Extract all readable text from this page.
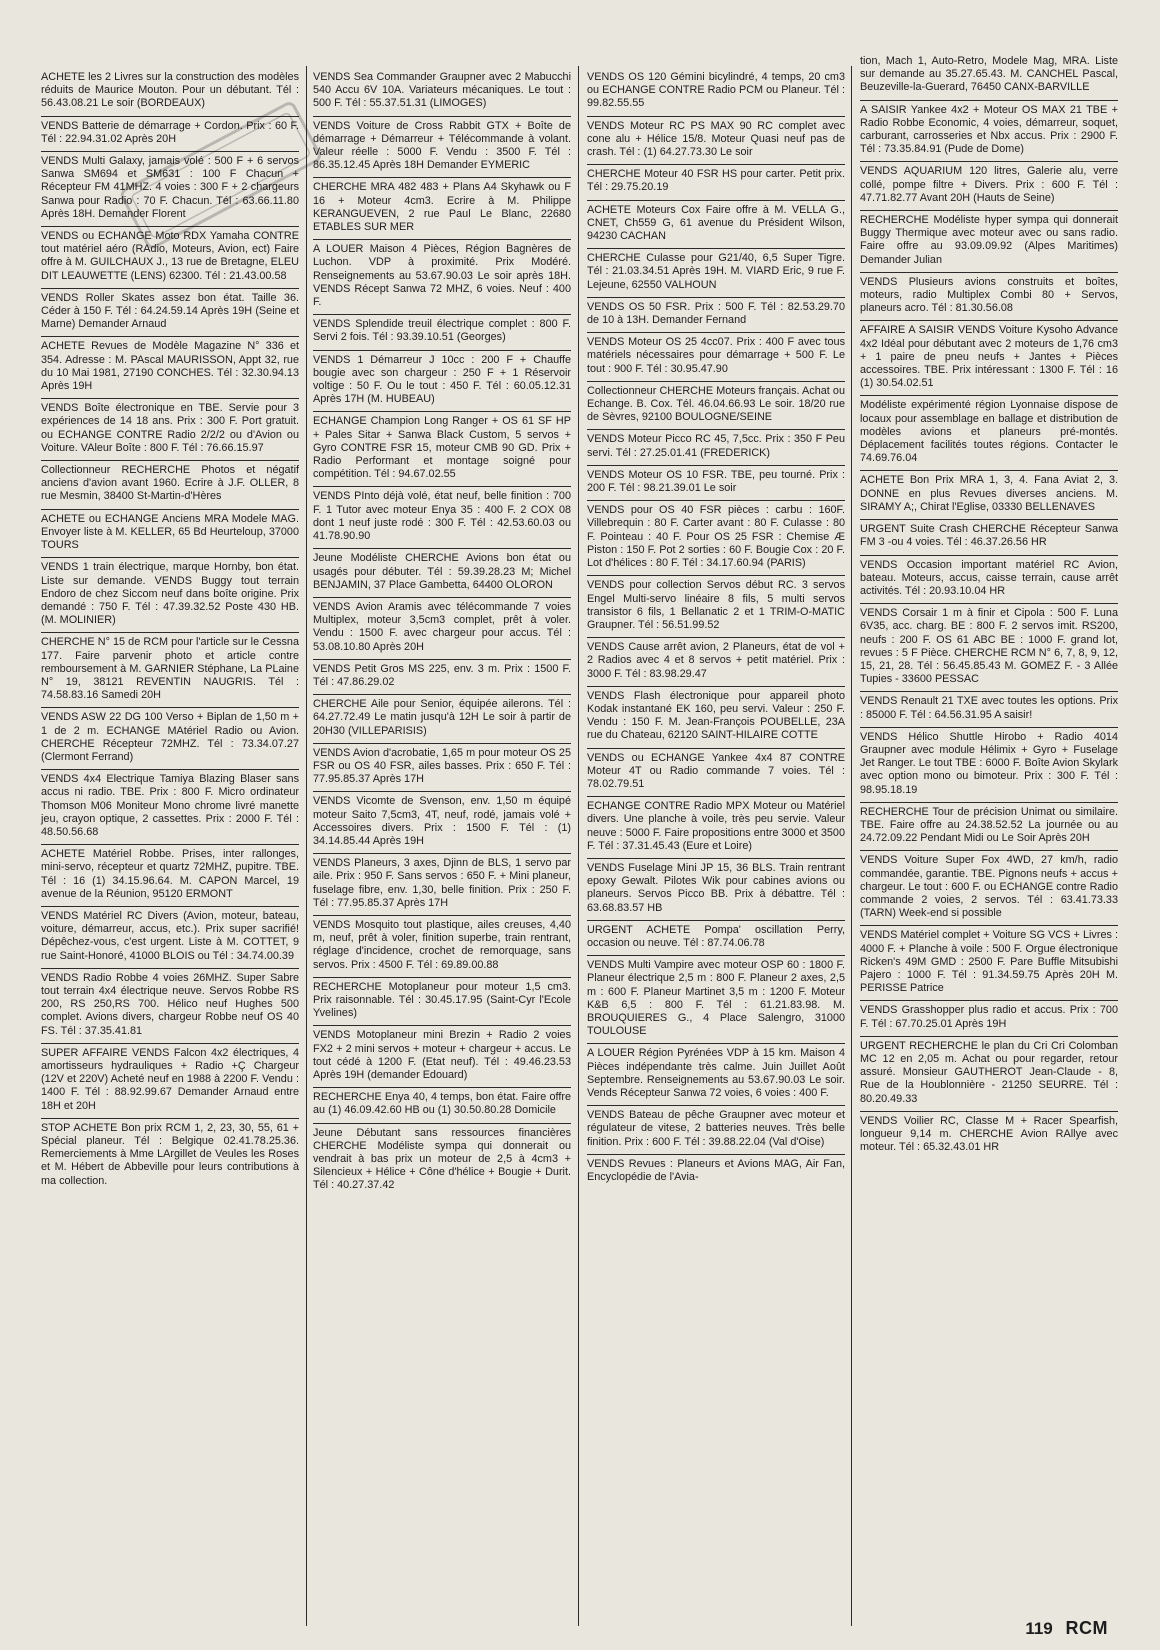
ACHETE les 2 Livres sur la construction des modèles réduits de Maurice Mouton. Pour un débutant. Tél : 56.43.08.21 Le soir (BORDEAUX)

VENDS Batterie de démarrage + Cordon. Prix : 60 F. Tél : 22.94.31.02 Après 20H

VENDS Multi Galaxy, jamais volé : 500 F + 6 servos Sanwa SM694 et SM631 : 100 F Chacun + Récepteur FM 41MHZ. 4 voies : 300 F + 2 chargeurs Sanwa pour Radio : 70 F. Chacun. Tél : 63.66.11.80 Après 18H. Demander Florent

VENDS ou ECHANGE Moto RDX Yamaha CONTRE tout matériel aéro (RAdio, Moteurs, Avion, ect) Faire offre à M. GUILCHAUX J., 13 rue de Bretagne, ELEU DIT LEAUWETTE (LENS) 62300. Tél : 21.43.00.58

VENDS Roller Skates assez bon état. Taille 36. Céder à 150 F. Tél : 64.24.59.14 Après 19H (Seine et Marne) Demander Arnaud

ACHETE Revues de Modèle Magazine N° 336 et 354. Adresse : M. PAscal MAURISSON, Appt 32, rue du 10 Mai 1981, 27190 CONCHES. Tél : 32.30.94.13 Après 19H

VENDS Boîte électronique en TBE. Servie pour 3 expériences de 14 18 ans. Prix : 300 F. Port gratuit. ou ECHANGE CONTRE Radio 2/2/2 ou d'Avion ou Voiture. VAleur Boîte : 800 F. Tél : 76.66.15.97

Collectionneur RECHERCHE Photos et négatif anciens d'avion avant 1960. Ecrire à J.F. OLLER, 8 rue Mesmin, 38400 St-Martin-d'Hères

ACHETE ou ECHANGE Anciens MRA Modele MAG. Envoyer liste à M. KELLER, 65 Bd Heurteloup, 37000 TOURS

VENDS 1 train électrique, marque Hornby, bon état. Liste sur demande. VENDS Buggy tout terrain Endoro de chez Siccom neuf dans boîte origine. Prix demandé : 750 F. Tél : 47.39.32.52 Poste 430 HB. (M. MOLINIER)

CHERCHE N° 15 de RCM pour l'article sur le Cessna 177. Faire parvenir photo et article contre remboursement à M. GARNIER Stéphane, La PLaine N° 19, 38121 REVENTIN NAUGRIS. Tél : 74.58.83.16 Samedi 20H

VENDS ASW 22 DG 100 Verso + Biplan de 1,50 m + 1 de 2 m. ECHANGE MAtériel Radio ou Avion. CHERCHE Récepteur 72MHZ. Tél : 73.34.07.27 (Clermont Ferrand)

VENDS 4x4 Electrique Tamiya Blazing Blaser sans accus ni radio. TBE. Prix : 800 F. Micro ordinateur Thomson M06 Moniteur Mono chrome livré manette jeu, crayon optique, 2 cassettes. Prix : 2000 F. Tél : 48.50.56.68

ACHETE Matériel Robbe. Prises, inter rallonges, mini-servo, récepteur et quartz 72MHZ, pupitre. TBE. Tél : 16 (1) 34.15.96.64. M. CAPON Marcel, 19 avenue de la Réunion, 95120 ERMONT

VENDS Matériel RC Divers (Avion, moteur, bateau, voiture, démarreur, accus, etc.). Prix super sacrifié! Dépêchez-vous, c'est urgent. Liste à M. COTTET, 9 rue Saint-Honoré, 41000 BLOIS ou Tél : 34.74.00.39

VENDS Radio Robbe 4 voies 26MHZ. Super Sabre tout terrain 4x4 électrique neuve. Servos Robbe RS 200, RS 250,RS 700. Hélico neuf Hughes 500 complet. Avions divers, chargeur Robbe neuf OS 40 FS. Tél : 37.35.41.81

SUPER AFFAIRE VENDS Falcon 4x2 électriques, 4 amortisseurs hydrauliques + Radio +Ç Chargeur (12V et 220V) Acheté neuf en 1988 à 2200 F. Vendu : 1400 F. Tél : 88.92.99.67 Demander Arnaud entre 18H et 20H

STOP ACHETE Bon prix RCM 1, 2, 23, 30, 55, 61 + Spécial planeur. Tél : Belgique 02.41.78.25.36. Remerciements à Mme LArgillet de Veules les Roses et M. Hébert de Abbeville pour leurs contributions à ma collection.

VENDS Sea Commander Graupner avec 2 Mabucchi 540 Accu 6V 10A. Variateurs mécaniques. Le tout : 500 F. Tél : 55.37.51.31 (LIMOGES)

VENDS Voiture de Cross Rabbit GTX + Boîte de démarrage + Démarreur + Télécommande à volant. Valeur réelle : 5000 F. Vendu : 3500 F. Tél : 86.35.12.45 Après 18H Demander EYMERIC

CHERCHE MRA 482 483 + Plans A4 Skyhawk ou F 16 + Moteur 4cm3. Ecrire à M. Philippe KERANGUEVEN, 2 rue Paul Le Blanc, 22680 ETABLES SUR MER

A LOUER Maison 4 Pièces, Région Bagnères de Luchon. VDP à proximité. Prix Modéré. Renseignements au 53.67.90.03 Le soir après 18H. VENDS Récept Sanwa 72 MHZ, 6 voies. Neuf : 400 F.

VENDS Splendide treuil électrique complet : 800 F. Servi 2 fois. Tél : 93.39.10.51 (Georges)

VENDS 1 Démarreur J 10cc : 200 F + Chauffe bougie avec son chargeur : 250 F + 1 Réservoir voltige : 50 F. Ou le tout : 450 F. Tél : 60.05.12.31 Après 17H (M. HUBEAU)

ECHANGE Champion Long Ranger + OS 61 SF HP + Pales Sitar + Sanwa Black Custom, 5 servos + Gyro CONTRE FSR 15, moteur CMB 90 GD. Prix + Radio Performant et montage soigné pour compétition. Tél : 94.67.02.55

VENDS PInto déjà volé, état neuf, belle finition : 700 F. 1 Tutor avec moteur Enya 35 : 400 F. 2 COX 08 dont 1 neuf juste rodé : 300 F. Tél : 42.53.60.03 ou 41.78.90.90

Jeune Modéliste CHERCHE Avions bon état ou usagés pour débuter. Tél : 59.39.28.23 M; Michel BENJAMIN, 37 Place Gambetta, 64400 OLORON

VENDS Avion Aramis avec télécommande 7 voies Multiplex, moteur 3,5cm3 complet, prêt à voler. Vendu : 1500 F. avec chargeur pour accus. Tél : 53.08.10.80 Après 20H

VENDS Petit Gros MS 225, env. 3 m. Prix : 1500 F. Tél : 47.86.29.02

CHERCHE Aile pour Senior, équipée ailerons. Tél : 64.27.72.49 Le matin jusqu'à 12H Le soir à partir de 20H30 (VILLEPARISIS)

VENDS Avion d'acrobatie, 1,65 m pour moteur OS 25 FSR ou OS 40 FSR, ailes basses. Prix : 650 F. Tél : 77.95.85.37 Après 17H

VENDS Vicomte de Svenson, env. 1,50 m équipé moteur Saito 7,5cm3, 4T, neuf, rodé, jamais volé + Accessoires divers. Prix : 1500 F. Tél : (1) 34.14.85.44 Après 19H

VENDS Planeurs, 3 axes, Djinn de BLS, 1 servo par aile. Prix : 950 F. Sans servos : 650 F. + Mini planeur, fuselage fibre, env. 1,30, belle finition. Prix : 250 F. Tél : 77.95.85.37 Après 17H

VENDS Mosquito tout plastique, ailes creuses, 4,40 m, neuf, prêt à voler, finition superbe, train rentrant, réglage d'incidence, crochet de remorquage, sans servos. Prix : 4500 F. Tél : 69.89.00.88

RECHERCHE Motoplaneur pour moteur 1,5 cm3. Prix raisonnable. Tél : 30.45.17.95 (Saint-Cyr l'Ecole Yvelines)

VENDS Motoplaneur mini Brezin + Radio 2 voies FX2 + 2 mini servos + moteur + chargeur + accus. Le tout cédé à 1200 F. (Etat neuf). Tél : 49.46.23.53 Après 19H (demander Edouard)

RECHERCHE Enya 40, 4 temps, bon état. Faire offre au (1) 46.09.42.60 HB ou (1) 30.50.80.28 Domicile

Jeune Débutant sans ressources financières CHERCHE Modéliste sympa qui donnerait ou vendrait à bas prix un moteur de 2,5 à 4cm3 + Silencieux + Hélice + Cône d'hélice + Bougie + Durit. Tél : 40.27.37.42

VENDS OS 120 Gémini bicylindré, 4 temps, 20 cm3 ou ECHANGE CONTRE Radio PCM ou Planeur. Tél : 99.82.55.55

VENDS Moteur RC PS MAX 90 RC complet avec cone alu + Hélice 15/8. Moteur Quasi neuf pas de crash. Tél : (1) 64.27.73.30 Le soir

CHERCHE Moteur 40 FSR HS pour carter. Petit prix. Tél : 29.75.20.19

ACHETE Moteurs Cox Faire offre à M. VELLA G., CNET, Ch559 G, 61 avenue du Président Wilson, 94230 CACHAN

CHERCHE Culasse pour G21/40, 6,5 Super Tigre. Tél : 21.03.34.51 Après 19H. M. VIARD Eric, 9 rue F. Lejeune, 62550 VALHOUN

VENDS OS 50 FSR. Prix : 500 F. Tél : 82.53.29.70 de 10 à 13H. Demander Fernand

VENDS Moteur OS 25 4cc07. Prix : 400 F avec tous matériels nécessaires pour démarrage + 500 F. Le tout : 900 F. Tél : 30.95.47.90

Collectionneur CHERCHE Moteurs français. Achat ou Echange. B. Cox. Tél. 46.04.66.93 Le soir. 18/20 rue de Sèvres, 92100 BOULOGNE/SEINE

VENDS Moteur Picco RC 45, 7,5cc. Prix : 350 F Peu servi. Tél : 27.25.01.41 (FREDERICK)

VENDS Moteur OS 10 FSR. TBE, peu tourné. Prix : 200 F. Tél : 98.21.39.01 Le soir

VENDS pour OS 40 FSR pièces : carbu : 160F. Villebrequin : 80 F. Carter avant : 80 F. Culasse : 80 F. Pointeau : 40 F. Pour OS 25 FSR : Chemise Æ Piston : 150 F. Pot 2 sorties : 60 F. Bougie Cox : 20 F. Lot d'hélices : 80 F. Tél : 34.17.60.94 (PARIS)

VENDS pour collection Servos début RC. 3 servos Engel Multi-servo linéaire 8 fils, 5 multi servos transistor 6 fils, 1 Bellanatic 2 et 1 TRIM-O-MATIC Graupner. Tél : 56.51.99.52

VENDS Cause arrêt avion, 2 Planeurs, état de vol + 2 Radios avec 4 et 8 servos + petit matériel. Prix : 3000 F. Tél : 83.98.29.47

VENDS Flash électronique pour appareil photo Kodak instantané EK 160, peu servi. Valeur : 250 F. Vendu : 150 F. M. Jean-François POUBELLE, 23A rue du Chateau, 62120 SAINT-HILAIRE COTTE

VENDS ou ECHANGE Yankee 4x4 87 CONTRE Moteur 4T ou Radio commande 7 voies. Tél : 78.02.79.51

ECHANGE CONTRE Radio MPX Moteur ou Matériel divers. Une planche à voile, très peu servie. Valeur neuve : 5000 F. Faire propositions entre 3000 et 3500 F. Tél : 37.31.45.43 (Eure et Loire)

VENDS Fuselage Mini JP 15, 36 BLS. Train rentrant epoxy Gewalt. Pilotes Wik pour cabines avions ou planeurs. Servos Picco BB. Prix à débattre. Tél : 63.68.83.57 HB

URGENT ACHETE Pompa' oscillation Perry, occasion ou neuve. Tél : 87.74.06.78

VENDS Multi Vampire avec moteur OSP 60 : 1800 F. Planeur électrique 2,5 m : 800 F. Planeur 2 axes, 2,5 m : 600 F. Planeur Martinet 3,5 m : 1200 F. Moteur K&B 6,5 : 800 F. Tél : 61.21.83.98. M. BROUQUIERES G., 4 Place Salengro, 31000 TOULOUSE

A LOUER Région Pyrénées VDP à 15 km. Maison 4 Pièces indépendante très calme. Juin Juillet Août Septembre. Renseignements au 53.67.90.03 Le soir. Vends Récepteur Sanwa 72 voies, 6 voies : 400 F.

VENDS Bateau de pêche Graupner avec moteur et régulateur de vitese, 2 batteries neuves. Très belle finition. Prix : 600 F. Tél : 39.88.22.04 (Val d'Oise)

VENDS Revues : Planeurs et Avions MAG, Air Fan, Encyclopédie de l'Avia-

tion, Mach 1, Auto-Retro, Modele Mag, MRA. Liste sur demande au 35.27.65.43. M. CANCHEL Pascal, Beuzeville-la-Guerard, 76450 CANX-BARVILLE

A SAISIR Yankee 4x2 + Moteur OS MAX 21 TBE + Radio Robbe Economic, 4 voies, démarreur, soquet, carburant, carrosseries et Nbx accus. Prix : 2900 F. Tél : 73.35.84.91 (Pude de Dome)

VENDS AQUARIUM 120 litres, Galerie alu, verre collé, pompe filtre + Divers. Prix : 600 F. Tél : 47.71.82.77 Avant 20H (Hauts de Seine)

RECHERCHE Modéliste hyper sympa qui donnerait Buggy Thermique avec moteur avec ou sans radio. Faire offre au 93.09.09.92 (Alpes Maritimes) Demander Julian

VENDS Plusieurs avions construits et boîtes, moteurs, radio Multiplex Combi 80 + Servos, planeurs acro. Tél : 81.30.56.08

AFFAIRE A SAISIR VENDS Voiture Kysoho Advance 4x2 Idéal pour débutant avec 2 moteurs de 1,76 cm3 + 1 paire de pneu neufs + Jantes + Pièces accessoires. TBE. Prix intéressant : 1300 F. Tél : 16 (1) 30.54.02.51

Modéliste expérimenté région Lyonnaise dispose de locaux pour assemblage en ballage et distribution de modèles avions et planeurs pré-montés. Déplacement facilités toutes régions. Contacter le 74.69.76.04

ACHETE Bon Prix MRA 1, 3, 4. Fana Aviat 2, 3. DONNE en plus Revues diverses anciens. M. SIRAMY A;, Chirat l'Eglise, 03330 BELLENAVES

URGENT Suite Crash CHERCHE Récepteur Sanwa FM 3 -ou 4 voies. Tél : 46.37.26.56 HR

VENDS Occasion important matériel RC Avion, bateau. Moteurs, accus, caisse terrain, cause arrêt activités. Tél : 20.93.10.04 HR

VENDS Corsair 1 m à finir et Cipola : 500 F. Luna 6V35, acc. charg. BE : 800 F. 2 servos imit. RS200, neufs : 200 F. OS 61 ABC BE : 1000 F. grand lot, revues : 5 F Pièce. CHERCHE RCM N° 6, 7, 8, 9, 12, 15, 21, 28. Tél : 56.45.85.43 M. GOMEZ F. - 3 Allée Tupies - 33600 PESSAC

VENDS Renault 21 TXE avec toutes les options. Prix : 85000 F. Tél : 64.56.31.95 A saisir!

VENDS Hélico Shuttle Hirobo + Radio 4014 Graupner avec module Hélimix + Gyro + Fuselage Jet Ranger. Le tout TBE : 6000 F. Boîte Avion Skylark avec option mono ou bimoteur. Prix : 300 F. Tél : 98.95.18.19

RECHERCHE Tour de précision Unimat ou similaire. TBE. Faire offre au 24.38.52.52 La journée ou au 24.72.09.22 Pendant Midi ou Le Soir Après 20H

VENDS Voiture Super Fox 4WD, 27 km/h, radio commandée, garantie. TBE. Pignons neufs + accus + chargeur. Le tout : 600 F. ou ECHANGE contre Radio commande 2 voies, 2 servos. Tél : 63.41.73.33 (TARN) Week-end si possible

VENDS Matériel complet + Voiture SG VCS + Livres : 4000 F. + Planche à voile : 500 F. Orgue électronique Ricken's 49M GMD : 2500 F. Pare Buffle Mitsubishi Pajero : 1000 F. Tél : 91.34.59.75 Après 20H M. PERISSE Patrice

VENDS Grasshopper plus radio et accus. Prix : 700 F. Tél : 67.70.25.01 Après 19H

URGENT RECHERCHE le plan du Cri Cri Colomban MC 12 en 2,05 m. Achat ou pour regarder, retour assuré. Monsieur GAUTHEROT Jean-Claude - 8, Rue de la Houblonnière - 21250 SEURRE. Tél : 80.20.49.33

VENDS Voilier RC, Classe M + Racer Spearfish, longueur 9,14 m. CHERCHE Avion RAllye avec moteur. Tél : 65.32.43.01 HR

119 RCM
